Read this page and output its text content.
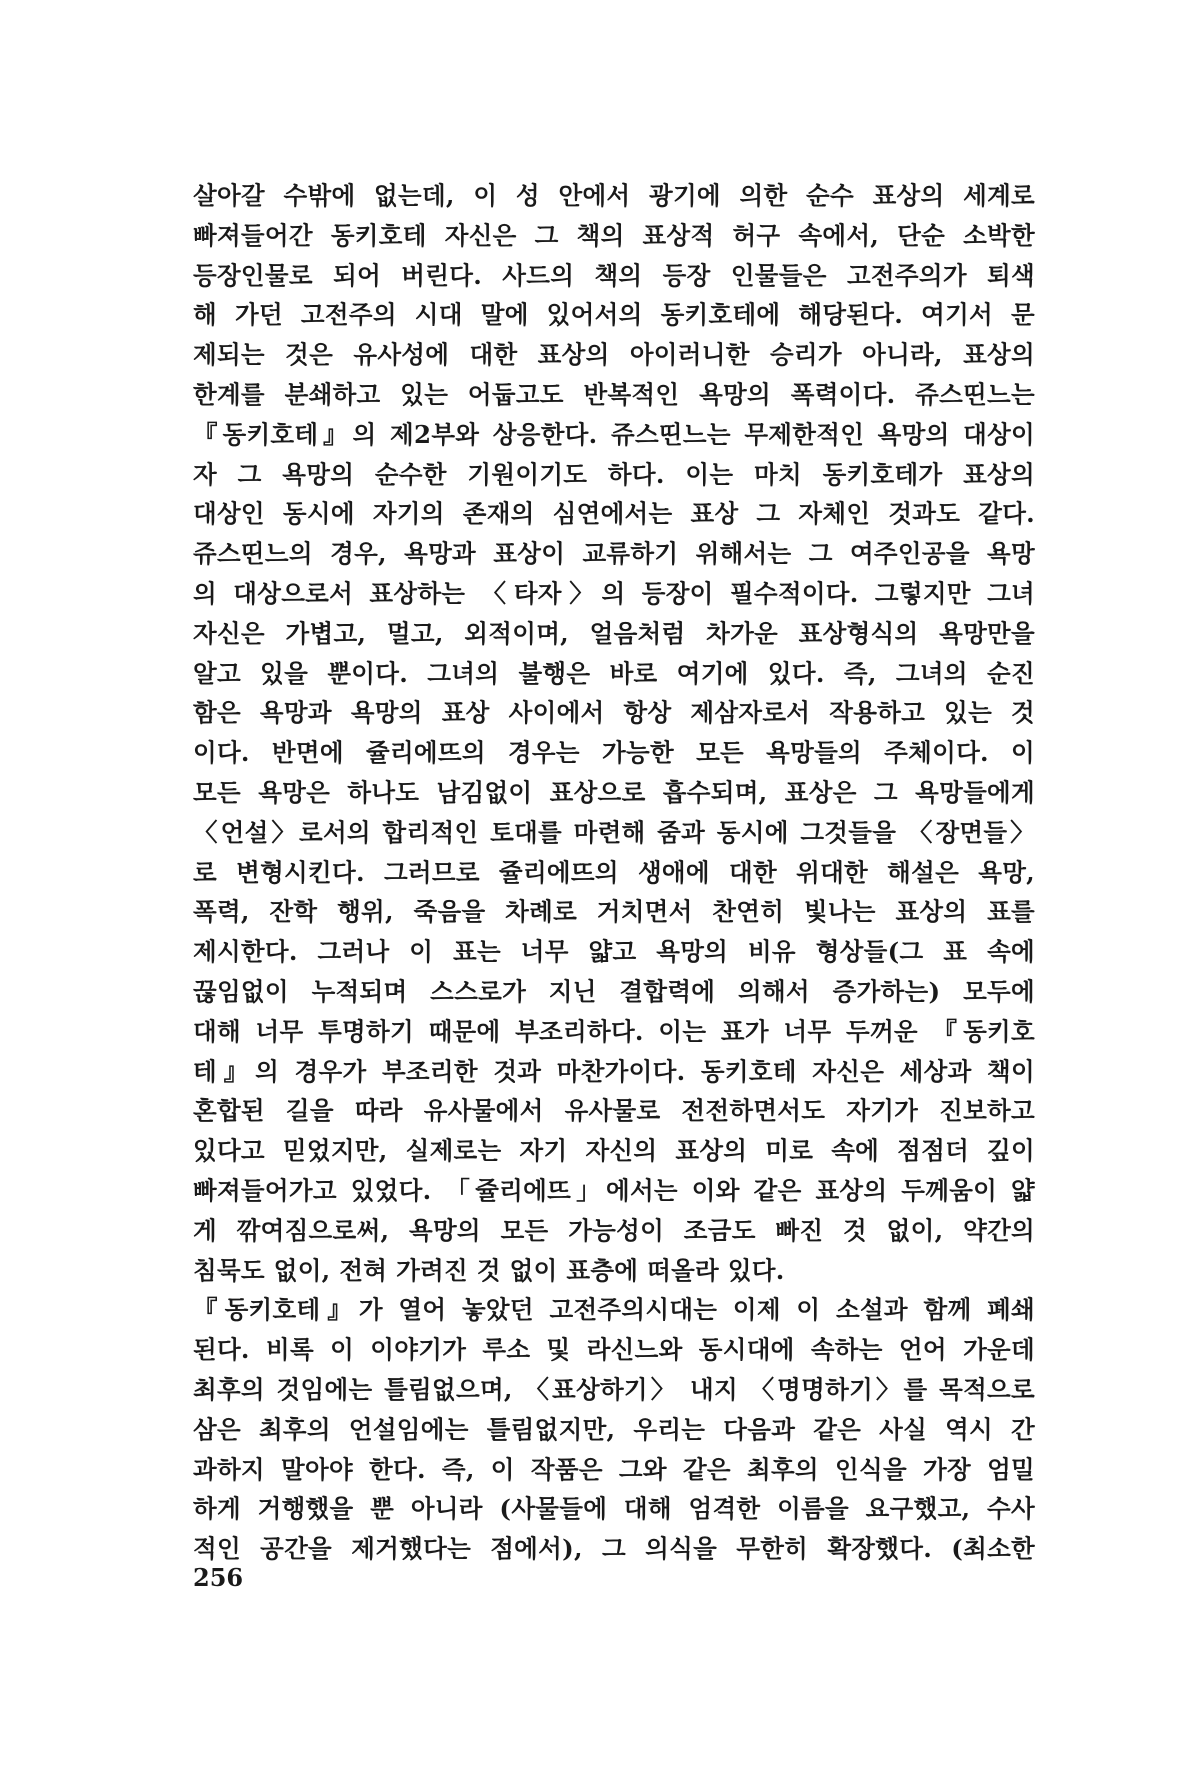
살아갈 수밖에 없는데, 이 성 안에서 광기에 의한 순수 표상의 세계로
빠져들어간 동키호테 자신은 그 책의 표상적 허구 속에서, 단순 소박한
등장인물로 되어 버린다. 사드의 책의 등장 인물들은 고전주의가 퇴색
해 가던 고전주의 시대 말에 있어서의 동키호테에 해당된다. 여기서 문
제되는 것은 유사성에 대한 표상의 아이러니한 승리가 아니라, 표상의
한계를 분쇄하고 있는 어둡고도 반복적인 욕망의 폭력이다. 쥬스띤느는
『동키호테』의 제2부와 상응한다. 쥬스띤느는 무제한적인 욕망의 대상이
자 그 욕망의 순수한 기원이기도 하다. 이는 마치 동키호테가 표상의
대상인 동시에 자기의 존재의 심연에서는 표상 그 자체인 것과도 같다.
쥬스띤느의 경우, 욕망과 표상이 교류하기 위해서는 그 여주인공을 욕망
의 대상으로서 표상하는 〈타자〉의 등장이 필수적이다. 그렇지만 그녀
자신은 가볍고, 멀고, 외적이며, 얼음처럼 차가운 표상형식의 욕망만을
알고 있을 뿐이다. 그녀의 불행은 바로 여기에 있다. 즉, 그녀의 순진
함은 욕망과 욕망의 표상 사이에서 항상 제삼자로서 작용하고 있는 것
이다. 반면에 쥴리에뜨의 경우는 가능한 모든 욕망들의 주체이다. 이
모든 욕망은 하나도 남김없이 표상으로 흡수되며, 표상은 그 욕망들에게
〈언설〉로서의 합리적인 토대를 마련해 줌과 동시에 그것들을 〈장면들〉
로 변형시킨다. 그러므로 쥴리에뜨의 생애에 대한 위대한 해설은 욕망,
폭력, 잔학 행위, 죽음을 차례로 거치면서 찬연히 빛나는 표상의 표를
제시한다. 그러나 이 표는 너무 얇고 욕망의 비유 형상들(그 표 속에
끊임없이 누적되며 스스로가 지닌 결합력에 의해서 증가하는) 모두에
대해 너무 투명하기 때문에 부조리하다. 이는 표가 너무 두꺼운 『동키호
테』의 경우가 부조리한 것과 마찬가이다. 동키호테 자신은 세상과 책이
혼합된 길을 따라 유사물에서 유사물로 전전하면서도 자기가 진보하고
있다고 믿었지만, 실제로는 자기 자신의 표상의 미로 속에 점점더 깊이
빠져들어가고 있었다. 「쥴리에뜨」에서는 이와 같은 표상의 두께움이 얇
게 깎여짐으로써, 욕망의 모든 가능성이 조금도 빠진 것 없이, 약간의
침묵도 없이, 전혀 가려진 것 없이 표층에 떠올라 있다.
『동키호테』가 열어 놓았던 고전주의시대는 이제 이 소설과 함께 폐쇄
된다. 비록 이 이야기가 루소 및 라신느와 동시대에 속하는 언어 가운데
최후의 것임에는 틀림없으며, 〈표상하기〉 내지 〈명명하기〉를 목적으로
삼은 최후의 언설임에는 틀림없지만, 우리는 다음과 같은 사실 역시 간
과하지 말아야 한다. 즉, 이 작품은 그와 같은 최후의 인식을 가장 엄밀
하게 거행했을 뿐 아니라 (사물들에 대해 엄격한 이름을 요구했고, 수사
적인 공간을 제거했다는 점에서), 그 의식을 무한히 확장했다. (최소한
256
